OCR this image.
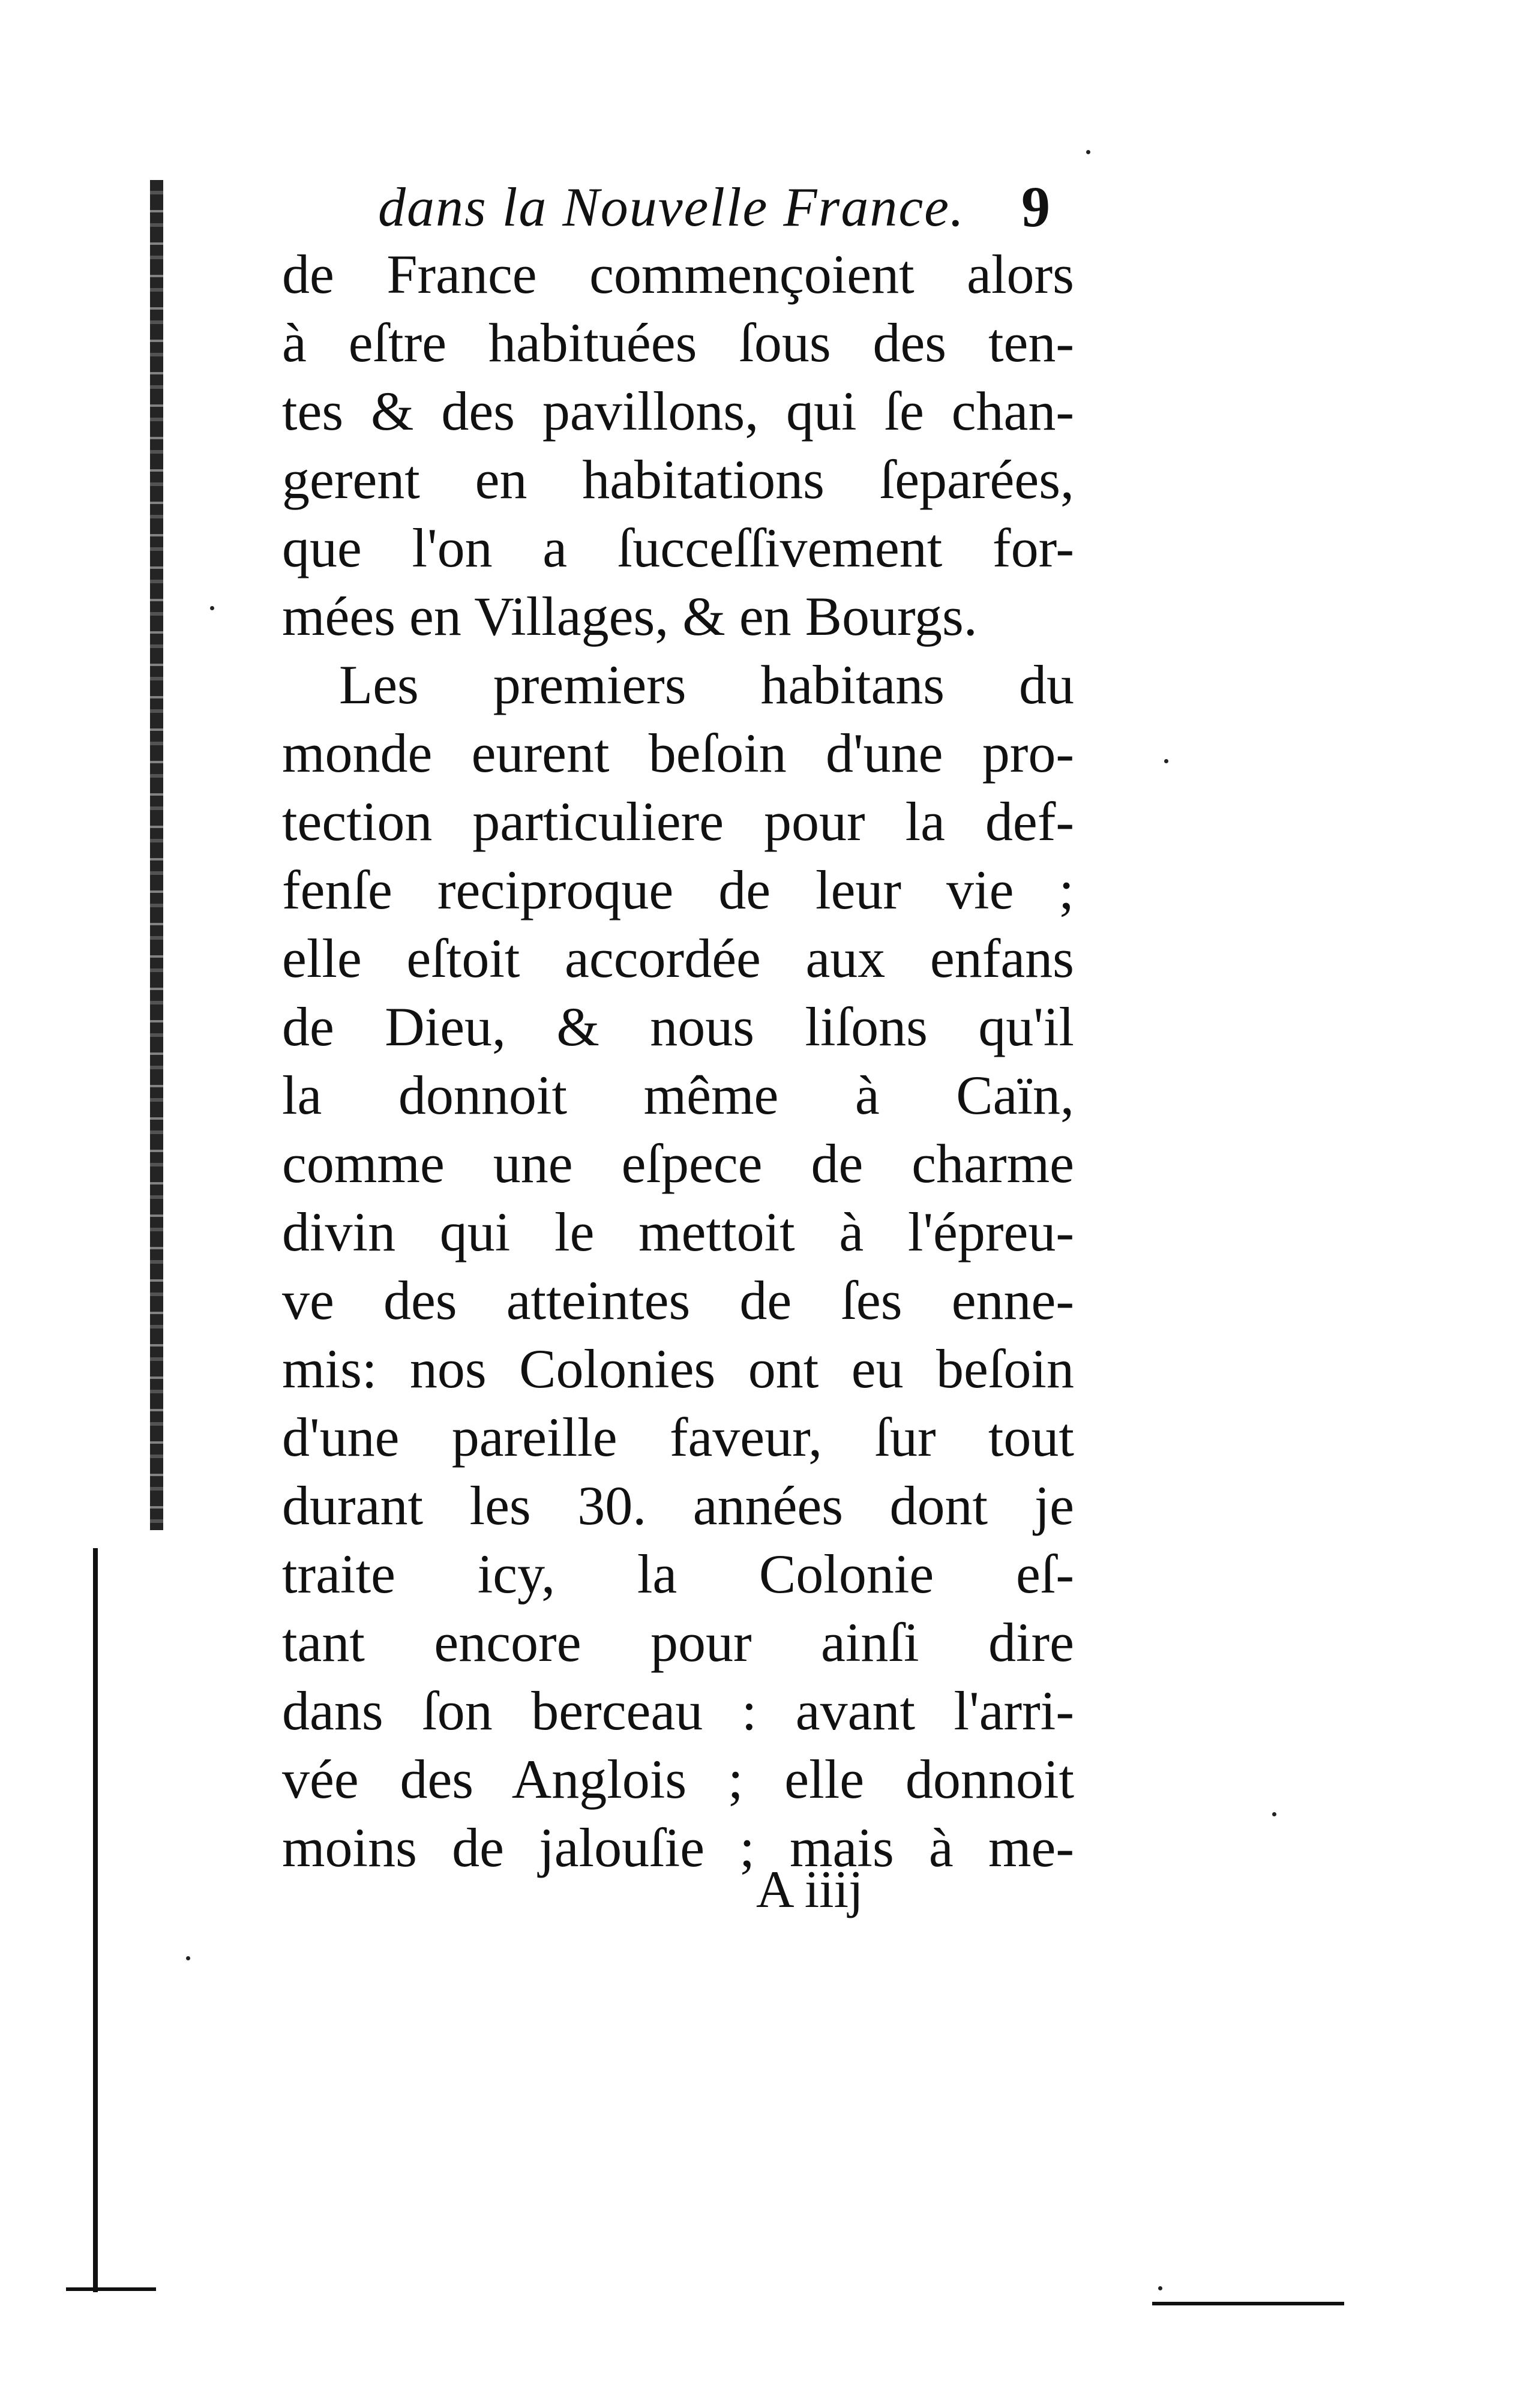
dans la Nouvelle France. 9
de France commençoient alors
à eſtre habituées ſous des ten-
tes & des pavillons, qui ſe chan-
gerent en habitations ſeparées,
que l'on a ſucceſſivement for-
mées en Villages, & en Bourgs.
Les premiers habitans du
monde eurent beſoin d'une pro-
tection particuliere pour la def-
fenſe reciproque de leur vie ;
elle eſtoit accordée aux enfans
de Dieu, & nous liſons qu'il
la donnoit même à Caïn,
comme une eſpece de charme
divin qui le mettoit à l'épreu-
ve des atteintes de ſes enne-
mis: nos Colonies ont eu beſoin
d'une pareille faveur, ſur tout
durant les 30. années dont je
traite icy, la Colonie eſ-
tant encore pour ainſi dire
dans ſon berceau : avant l'arri-
vée des Anglois ; elle donnoit
moins de jalouſie ; mais à me-
A iiij
